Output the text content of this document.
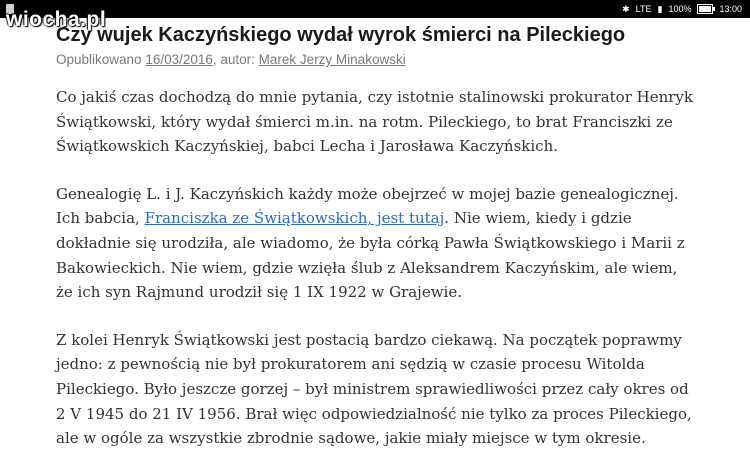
✱ LTE ▮ 100%	13:00
wiocha.pl
Czy wujek Kaczyńskiego wydał wyrok śmierci na Pileckiego
Opublikowano 16/03/2016, autor: Marek Jerzy Minakowski

Co jakiś czas dochodzą do mnie pytania, czy istotnie stalinowski prokurator Henryk
Świątkowski, który wydał śmierci m.in. na rotm. Pileckiego, to brat Franciszki ze
Świątkowskich Kaczyńskiej, babci Lecha i Jarosława Kaczyńskich.

Genealogię L. i J. Kaczyńskich każdy może obejrzeć w mojej bazie genealogicznej.
Ich babcia, Franciszka ze Świątkowskich, jest tutaj. Nie wiem, kiedy i gdzie
dokładnie się urodziła, ale wiadomo, że była córką Pawła Świątkowskiego i Marii z
Bakowieckich. Nie wiem, gdzie wzięła ślub z Aleksandrem Kaczyńskim, ale wiem,
że ich syn Rajmund urodził się 1 IX 1922 w Grajewie.

Z kolei Henryk Świątkowski jest postacią bardzo ciekawą. Na początek poprawmy
jedno: z pewnością nie był prokuratorem ani sędzią w czasie procesu Witolda
Pileckiego. Było jeszcze gorzej – był ministrem sprawiedliwości przez cały okres od
2 V 1945 do 21 IV 1956. Brał więc odpowiedzialność nie tylko za proces Pileckiego,
ale w ogóle za wszystkie zbrodnie sądowe, jakie miały miejsce w tym okresie.
